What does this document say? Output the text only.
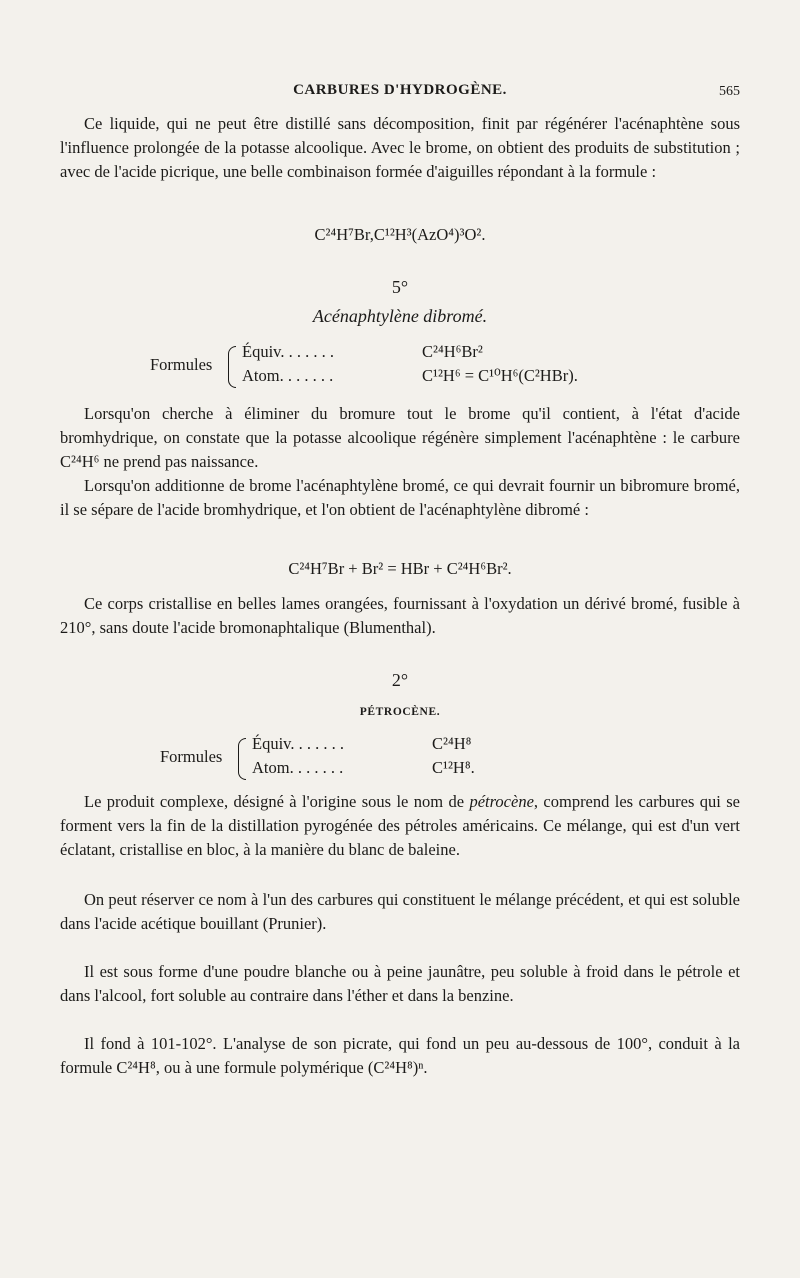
CARBURES D'HYDROGÈNE.	565

Ce liquide, qui ne peut être distillé sans décomposition, finit par régénérer l'acénaphtène sous l'influence prolongée de la potasse alcoolique. Avec le brome, on obtient des produits de substitution ; avec de l'acide picrique, une belle combinaison formée d'aiguilles répondant à la formule :

C²⁴H⁷Br,C¹²H³(AzO⁴)³O².
5°
Acénaphtylène dibromé.
Formules
Équiv. . . . . . .	C²⁴H⁶Br²
Atom. . . . . . .	C¹²H⁶ = C¹⁰H⁶(C²HBr).

Lorsqu'on cherche à éliminer du bromure tout le brome qu'il contient, à l'état d'acide bromhydrique, on constate que la potasse alcoolique régénère simplement l'acénaphtène : le carbure C²⁴H⁶ ne prend pas naissance.

Lorsqu'on additionne de brome l'acénaphtylène bromé, ce qui devrait fournir un bibromure bromé, il se sépare de l'acide bromhydrique, et l'on obtient de l'acénaphtylène dibromé :

C²⁴H⁷Br + Br² = HBr + C²⁴H⁶Br².

Ce corps cristallise en belles lames orangées, fournissant à l'oxydation un dérivé bromé, fusible à 210°, sans doute l'acide bromonaphtalique (Blumenthal).

2°
PÉTROCÈNE.
Formules
Équiv. . . . . . .	C²⁴H⁸
Atom. . . . . . .	C¹²H⁸.

Le produit complexe, désigné à l'origine sous le nom de pétrocène, comprend les carbures qui se forment vers la fin de la distillation pyrogénée des pétroles américains. Ce mélange, qui est d'un vert éclatant, cristallise en bloc, à la manière du blanc de baleine.

On peut réserver ce nom à l'un des carbures qui constituent le mélange précédent, et qui est soluble dans l'acide acétique bouillant (Prunier).

Il est sous forme d'une poudre blanche ou à peine jaunâtre, peu soluble à froid dans le pétrole et dans l'alcool, fort soluble au contraire dans l'éther et dans la benzine.

Il fond à 101-102°. L'analyse de son picrate, qui fond un peu au-dessous de 100°, conduit à la formule C²⁴H⁸, ou à une formule polymérique (C²⁴H⁸)ⁿ.
